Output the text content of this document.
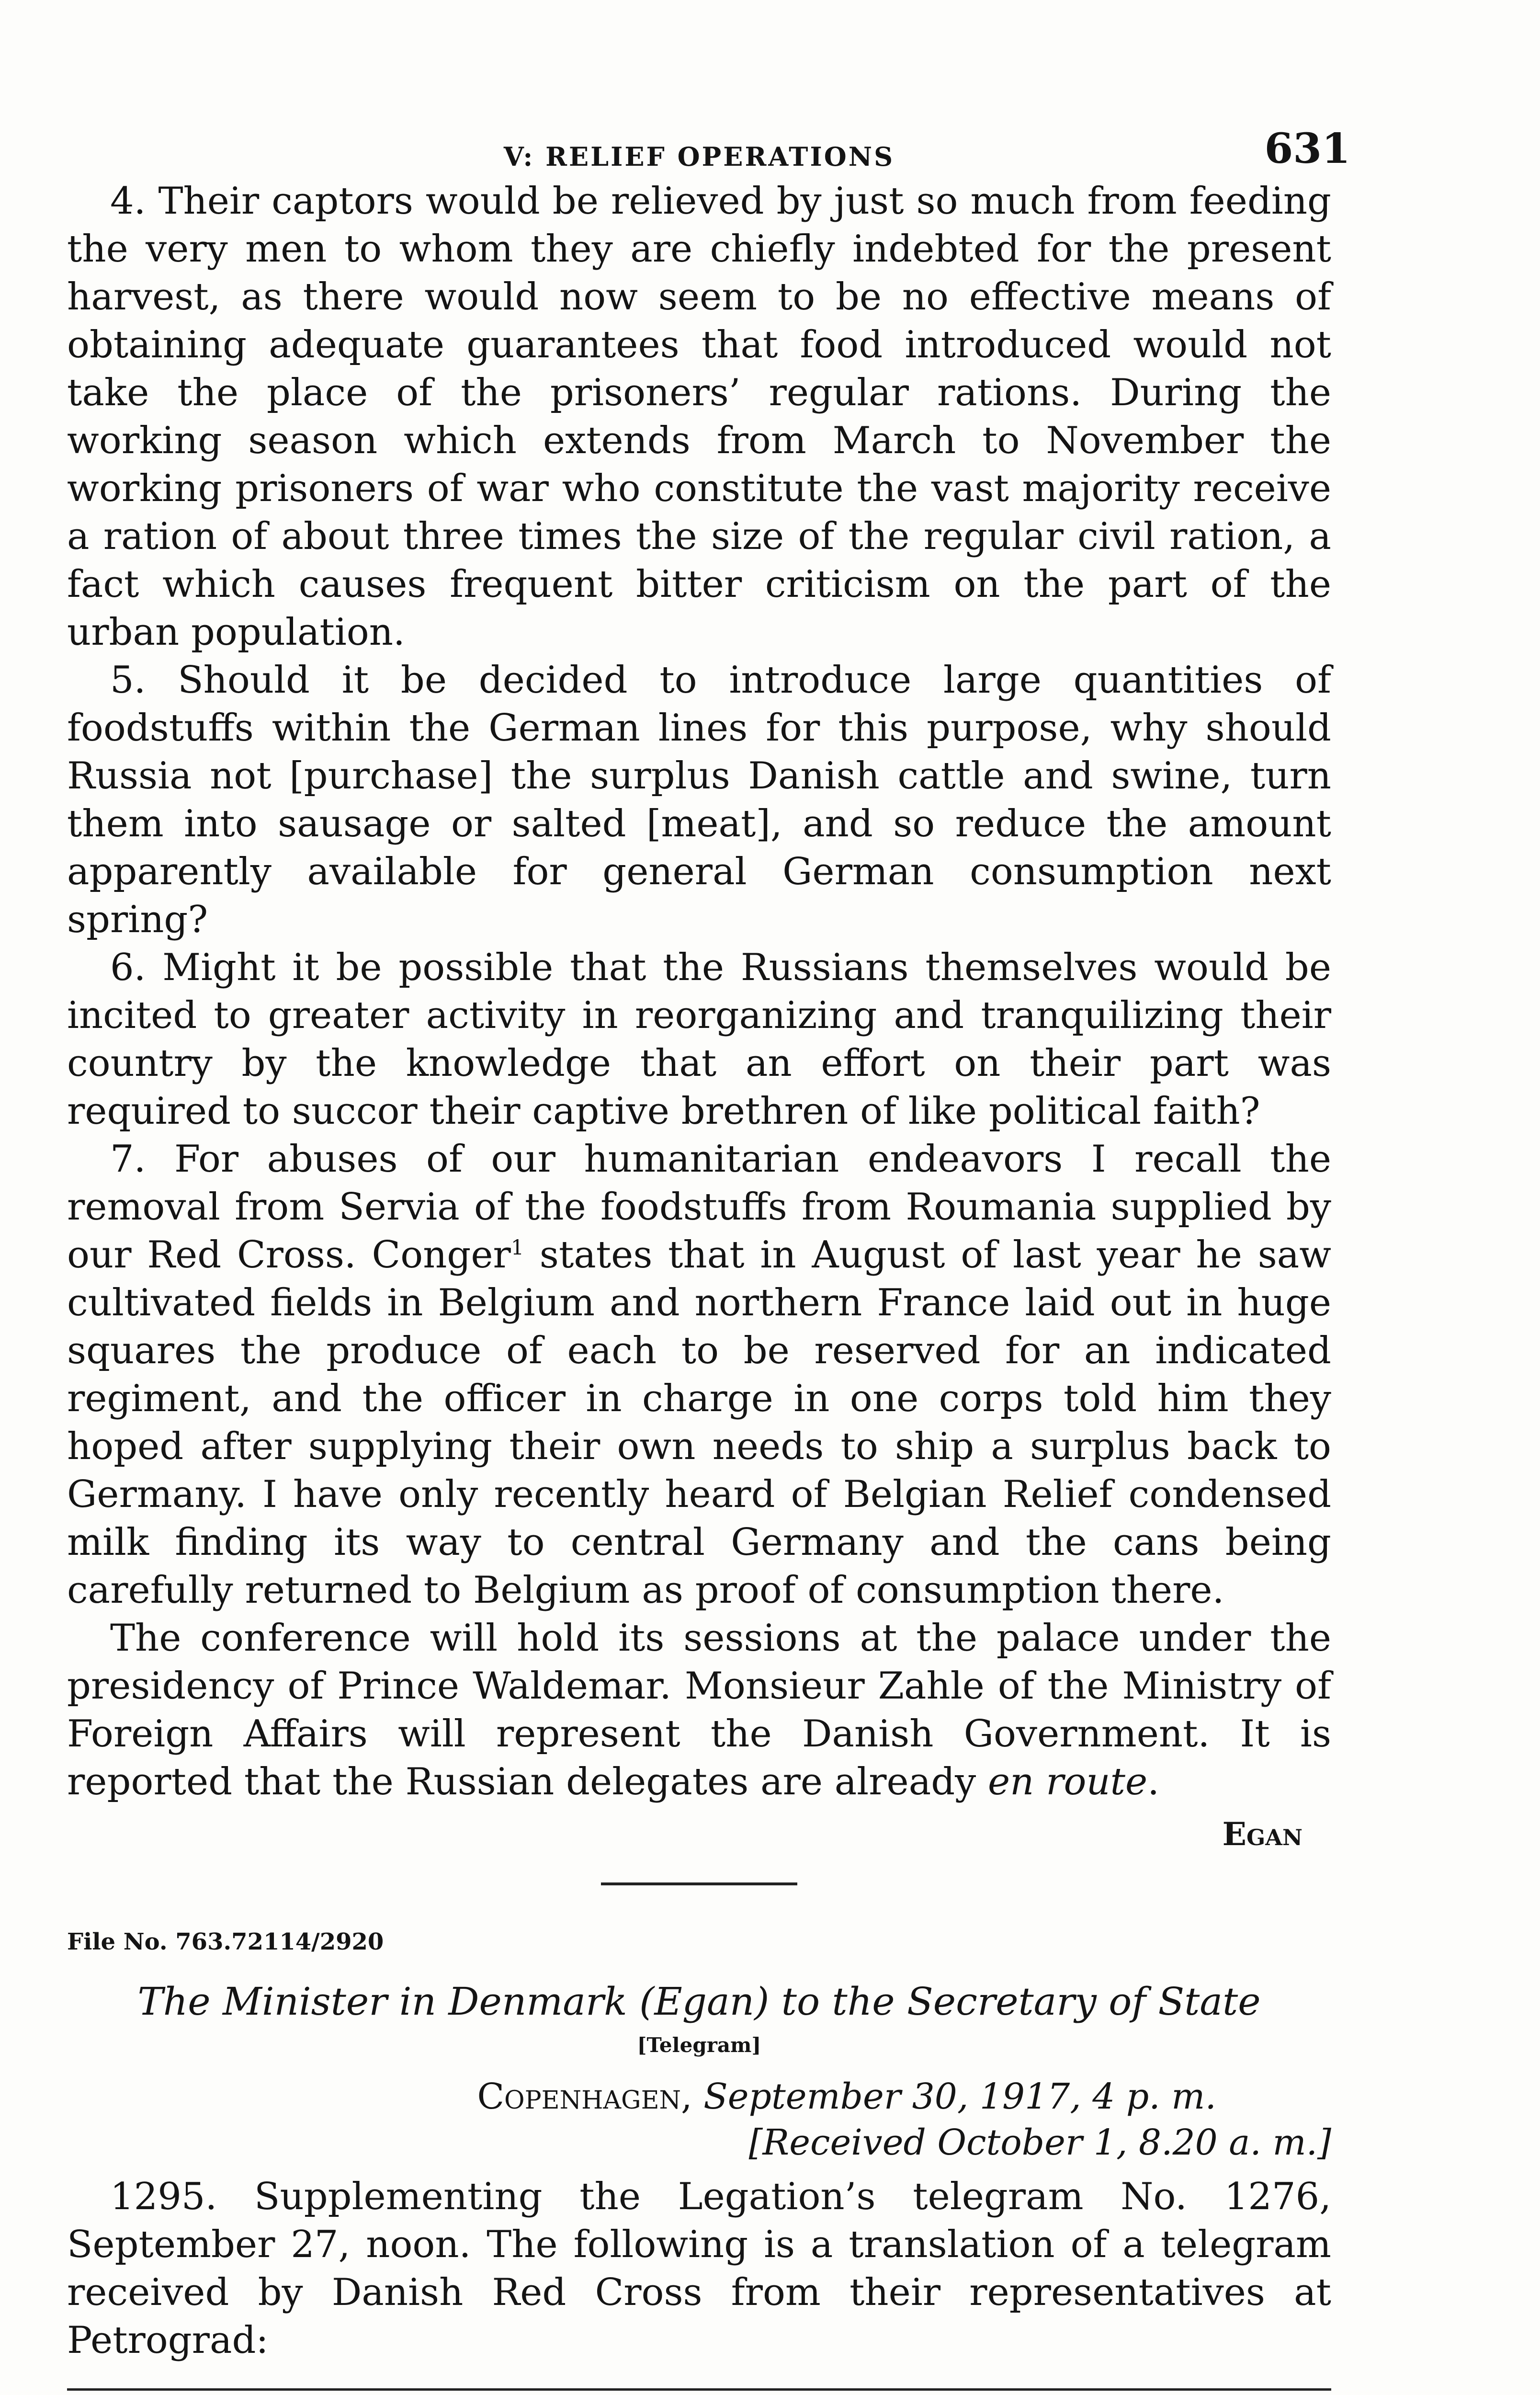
V: RELIEF OPERATIONS	631

4. Their captors would be relieved by just so much from feeding the very men to whom they are chiefly indebted for the present harvest, as there would now seem to be no effective means of obtaining adequate guarantees that food introduced would not take the place of the prisoners’ regular rations. During the working season which extends from March to November the working prisoners of war who constitute the vast majority receive a ration of about three times the size of the regular civil ration, a fact which causes frequent bitter criticism on the part of the urban population.

5. Should it be decided to introduce large quantities of foodstuffs within the German lines for this purpose, why should Russia not [purchase] the surplus Danish cattle and swine, turn them into sausage or salted [meat], and so reduce the amount apparently available for general German consumption next spring?

6. Might it be possible that the Russians themselves would be incited to greater activity in reorganizing and tranquilizing their country by the knowledge that an effort on their part was required to succor their captive brethren of like political faith?

7. For abuses of our humanitarian endeavors I recall the removal from Servia of the foodstuffs from Roumania supplied by our Red Cross. Conger$^1$ states that in August of last year he saw cultivated fields in Belgium and northern France laid out in huge squares the produce of each to be reserved for an indicated regiment, and the officer in charge in one corps told him they hoped after supplying their own needs to ship a surplus back to Germany. I have only recently heard of Belgian Relief condensed milk finding its way to central Germany and the cans being carefully returned to Belgium as proof of consumption there.

The conference will hold its sessions at the palace under the presidency of Prince Waldemar. Monsieur Zahle of the Ministry of Foreign Affairs will represent the Danish Government. It is reported that the Russian delegates are already en route.

Egan
File No. 763.72114/2920
The Minister in Denmark (Egan) to the Secretary of State
[Telegram]
Copenhagen, September 30, 1917, 4 p. m.
[Received October 1, 8.20 a. m.]

1295. Supplementing the Legation’s telegram No. 1276, September 27, noon. The following is a translation of a telegram received by Danish Red Cross from their representatives at Petrograd:
